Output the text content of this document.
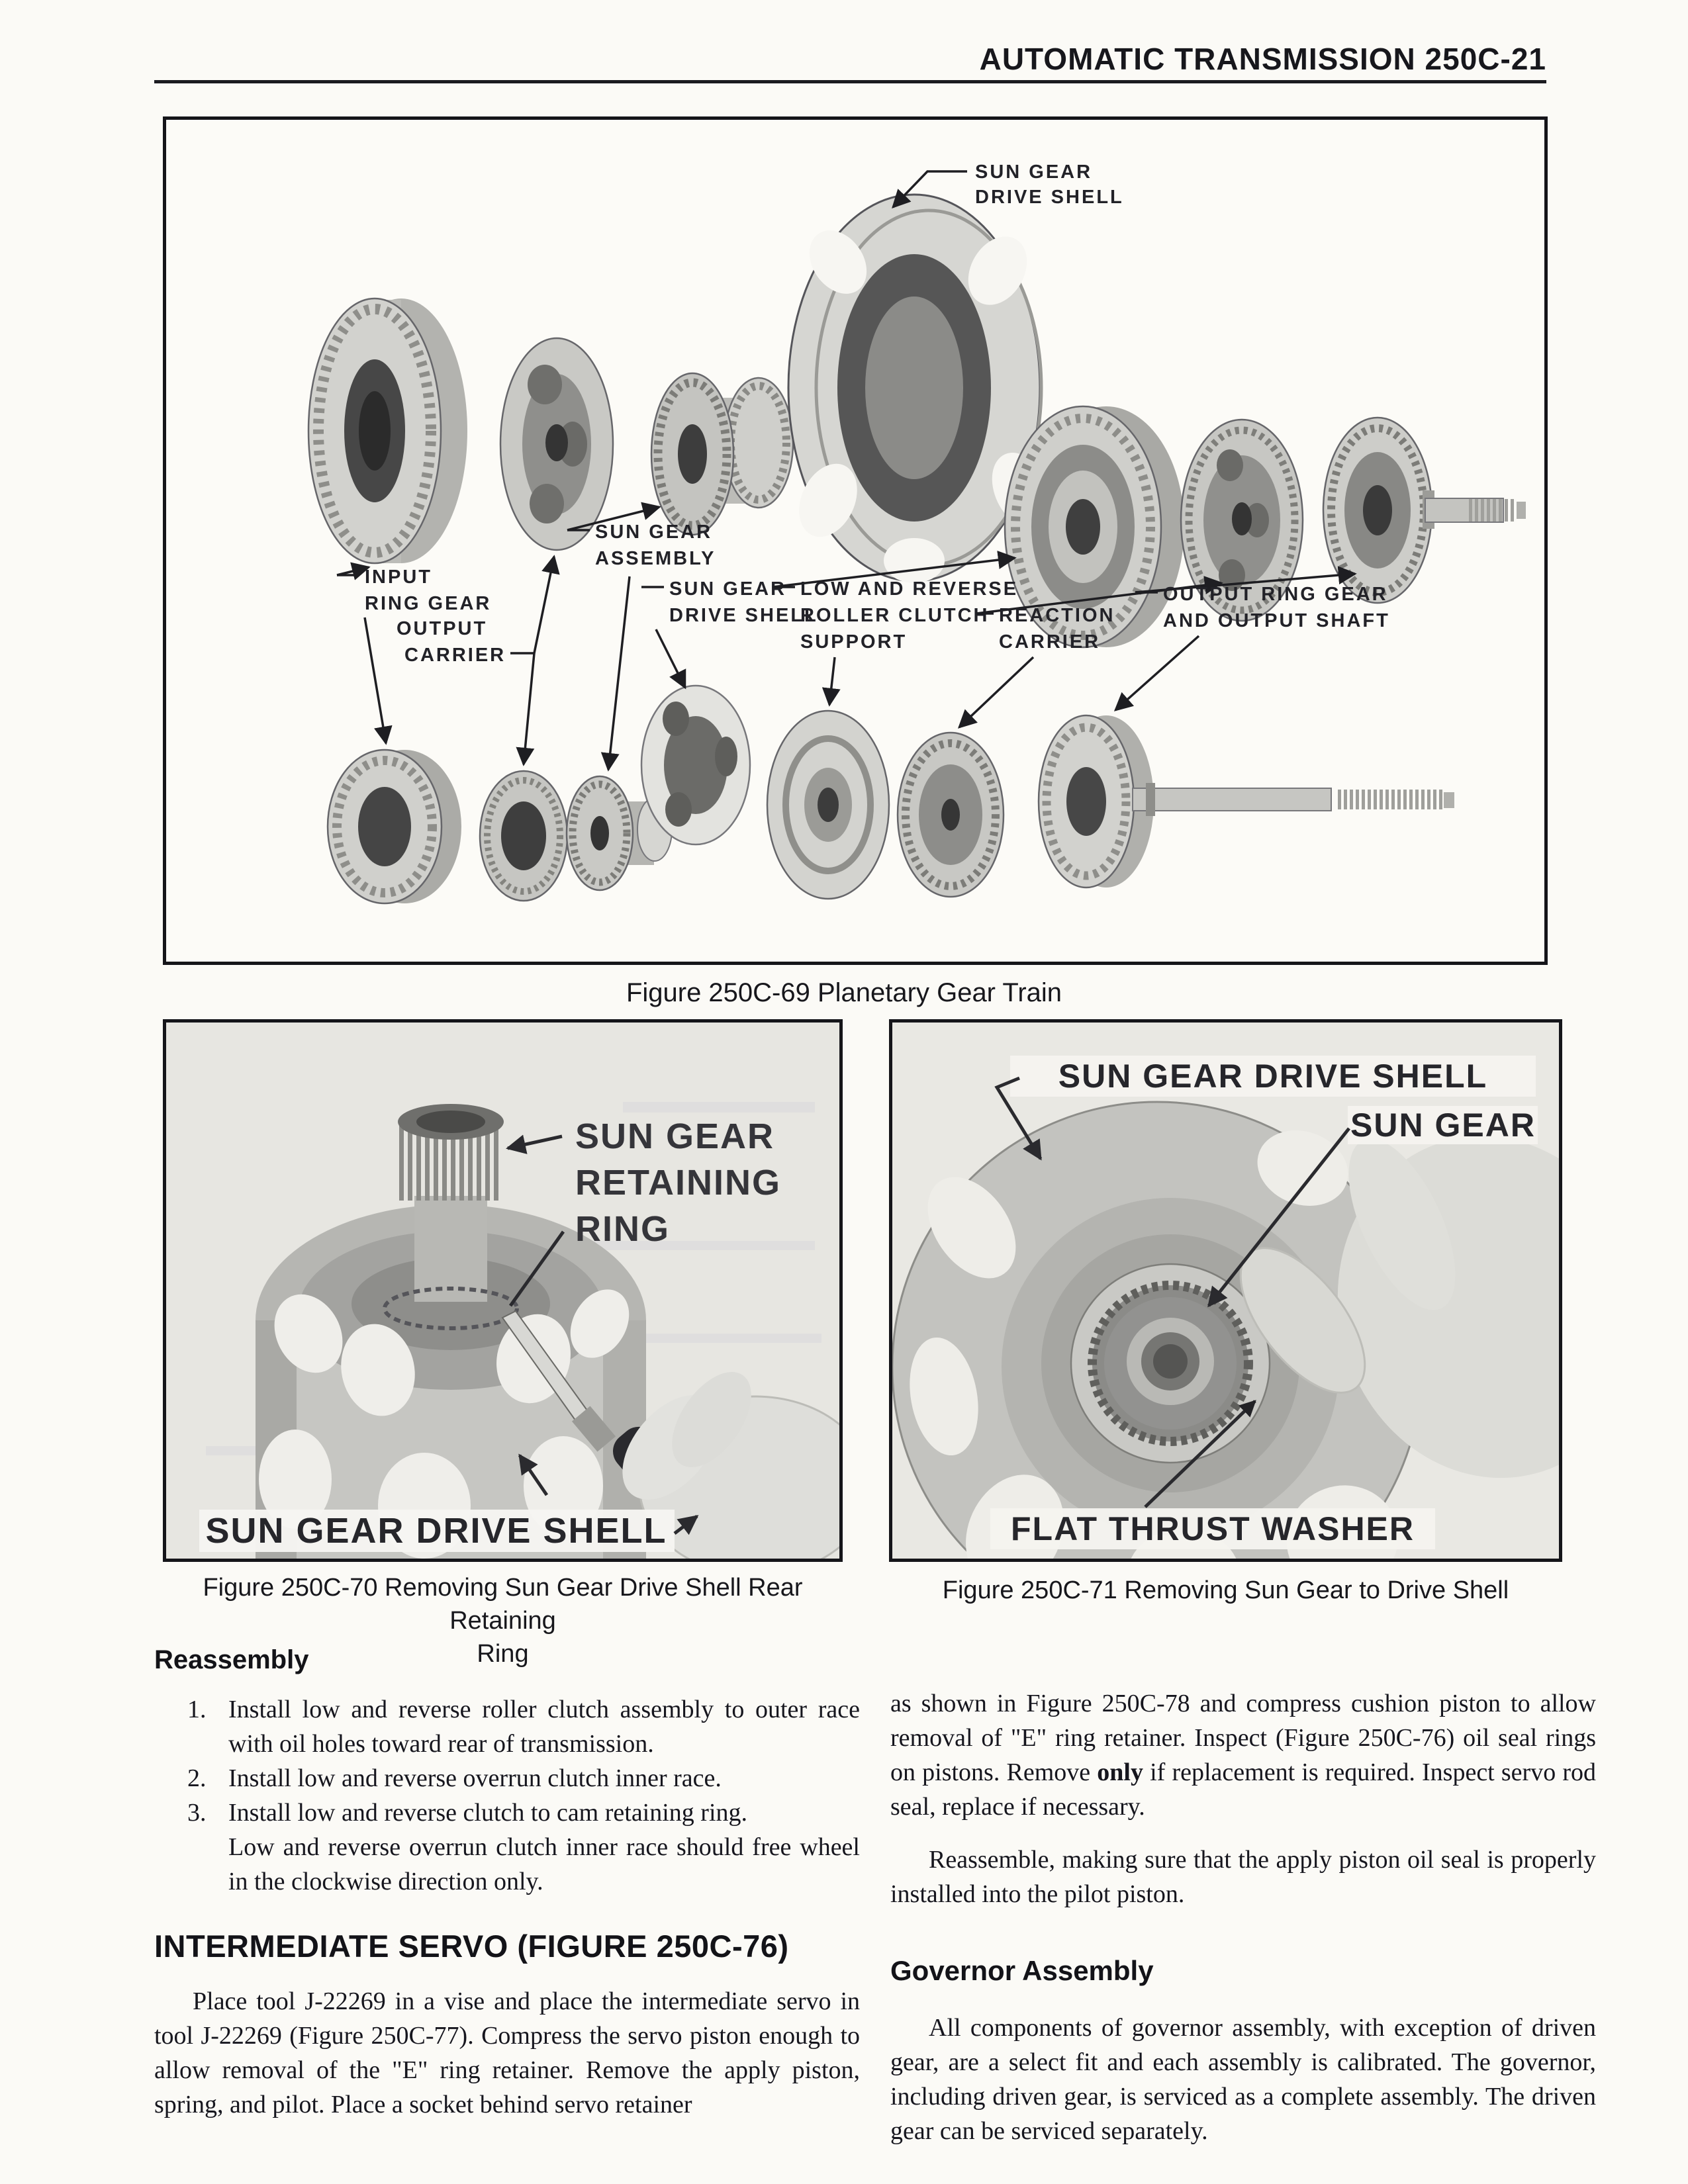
AUTOMATIC TRANSMISSION 250C-21
SUN GEAR
DRIVE SHELL
INPUT
RING GEAR
OUTPUT
CARRIER
SUN GEAR
ASSEMBLY
SUN GEAR
DRIVE SHELL
LOW AND REVERSE
ROLLER CLUTCH
SUPPORT
REACTION
CARRIER
OUTPUT RING GEAR
AND OUTPUT SHAFT
Figure 250C-69 Planetary Gear Train
SUN GEAR
RETAINING
RING
SUN GEAR DRIVE SHELL
Figure 250C-70 Removing Sun Gear Drive Shell Rear Retaining
Ring
SUN GEAR DRIVE SHELL
SUN GEAR
FLAT THRUST WASHER
Figure 250C-71 Removing Sun Gear to Drive Shell
Reassembly
1. Install low and reverse roller clutch assembly to outer race with oil holes toward rear of transmission.
2. Install low and reverse overrun clutch inner race.
3. Install low and reverse clutch to cam retaining ring.
Low and reverse overrun clutch inner race should free wheel in the clockwise direction only.
INTERMEDIATE SERVO (FIGURE 250C-76)

Place tool J-22269 in a vise and place the intermediate servo in tool J-22269 (Figure 250C-77). Compress the servo piston enough to allow removal of the "E" ring retainer. Remove the apply piston, spring, and pilot. Place a socket behind servo retainer

as shown in Figure 250C-78 and compress cushion piston to allow removal of "E" ring retainer. Inspect (Figure 250C-76) oil seal rings on pistons. Remove only if replacement is required. Inspect servo rod seal, replace if necessary.

Reassemble, making sure that the apply piston oil seal is properly installed into the pilot piston.

Governor Assembly

All components of governor assembly, with exception of driven gear, are a select fit and each assembly is calibrated. The governor, including driven gear, is serviced as a complete assembly. The driven gear can be serviced separately.
